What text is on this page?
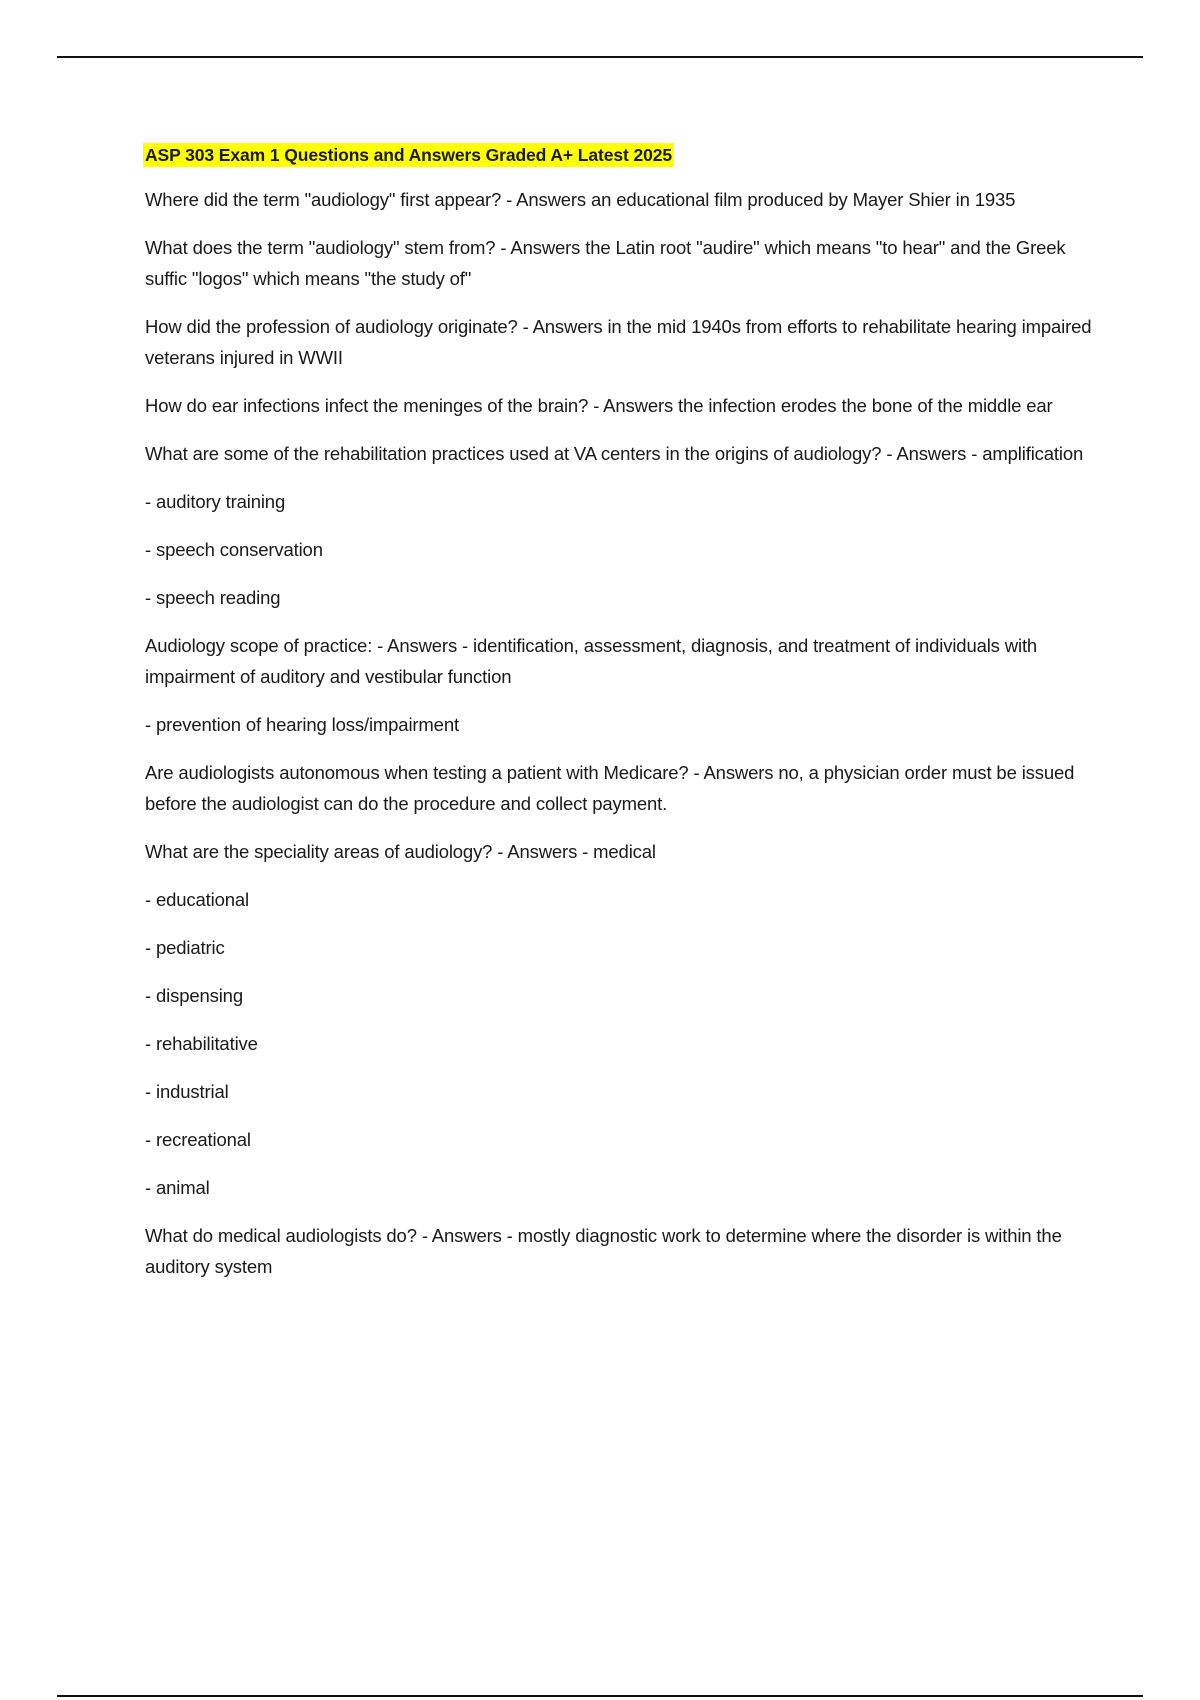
ASP 303 Exam 1 Questions and Answers Graded A+ Latest 2025

Where did the term "audiology" first appear? - Answers an educational film produced by Mayer Shier in 1935

What does the term "audiology" stem from? - Answers the Latin root "audire" which means "to hear" and the Greek suffic "logos" which means "the study of"

How did the profession of audiology originate? - Answers in the mid 1940s from efforts to rehabilitate hearing impaired veterans injured in WWII

How do ear infections infect the meninges of the brain? - Answers the infection erodes the bone of the middle ear

What are some of the rehabilitation practices used at VA centers in the origins of audiology? - Answers - amplification

- auditory training

- speech conservation

- speech reading

Audiology scope of practice: - Answers - identification, assessment, diagnosis, and treatment of individuals with impairment of auditory and vestibular function

- prevention of hearing loss/impairment

Are audiologists autonomous when testing a patient with Medicare? - Answers no, a physician order must be issued before the audiologist can do the procedure and collect payment.

What are the speciality areas of audiology? - Answers - medical

- educational

- pediatric

- dispensing

- rehabilitative

- industrial

- recreational

- animal

What do medical audiologists do? - Answers - mostly diagnostic work to determine where the disorder is within the auditory system
